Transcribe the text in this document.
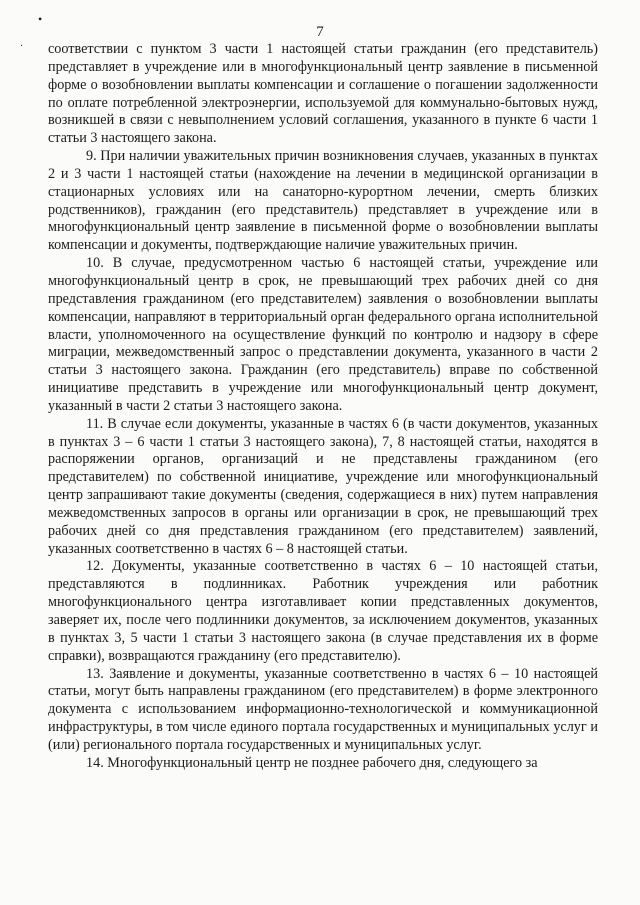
•
‧
7

соответствии с пунктом 3 части 1 настоящей статьи гражданин (его представитель) представляет в учреждение или в многофункциональный центр заявление в письменной форме о возобновлении выплаты компенсации и соглашение о погашении задолженности по оплате потребленной электроэнергии, используемой для коммунально-бытовых нужд, возникшей в связи с невыполнением условий соглашения, указанного в пункте 6 части 1 статьи 3 настоящего закона.

9. При наличии уважительных причин возникновения случаев, указанных в пунктах 2 и 3 части 1 настоящей статьи (нахождение на лечении в медицинской организации в стационарных условиях или на санаторно-курортном лечении, смерть близких родственников), гражданин (его представитель) представляет в учреждение или в многофункциональный центр заявление в письменной форме о возобновлении выплаты компенсации и документы, подтверждающие наличие уважительных причин.

10. В случае, предусмотренном частью 6 настоящей статьи, учреждение или многофункциональный центр в срок, не превышающий трех рабочих дней со дня представления гражданином (его представителем) заявления о возобновлении выплаты компенсации, направляют в территориальный орган федерального органа исполнительной власти, уполномоченного на осуществление функций по контролю и надзору в сфере миграции, межведомственный запрос о представлении документа, указанного в части 2 статьи 3 настоящего закона. Гражданин (его представитель) вправе по собственной инициативе представить в учреждение или многофункциональный центр документ, указанный в части 2 статьи 3 настоящего закона.

11. В случае если документы, указанные в частях 6 (в части документов, указанных в пунктах 3 – 6 части 1 статьи 3 настоящего закона), 7, 8 настоящей статьи, находятся в распоряжении органов, организаций и не представлены гражданином (его представителем) по собственной инициативе, учреждение или многофункциональный центр запрашивают такие документы (сведения, содержащиеся в них) путем направления межведомственных запросов в органы или организации в срок, не превышающий трех рабочих дней со дня представления гражданином (его представителем) заявлений, указанных соответственно в частях 6 – 8 настоящей статьи.

12. Документы, указанные соответственно в частях 6 – 10 настоящей статьи, представляются в подлинниках. Работник учреждения или работник многофункционального центра изготавливает копии представленных документов, заверяет их, после чего подлинники документов, за исключением документов, указанных в пунктах 3, 5 части 1 статьи 3 настоящего закона (в случае представления их в форме справки), возвращаются гражданину (его представителю).

13. Заявление и документы, указанные соответственно в частях 6 – 10 настоящей статьи, могут быть направлены гражданином (его представителем) в форме электронного документа с использованием информационно-технологической и коммуникационной инфраструктуры, в том числе единого портала государственных и муниципальных услуг и (или) регионального портала государственных и муниципальных услуг.

14. Многофункциональный центр не позднее рабочего дня, следующего за
